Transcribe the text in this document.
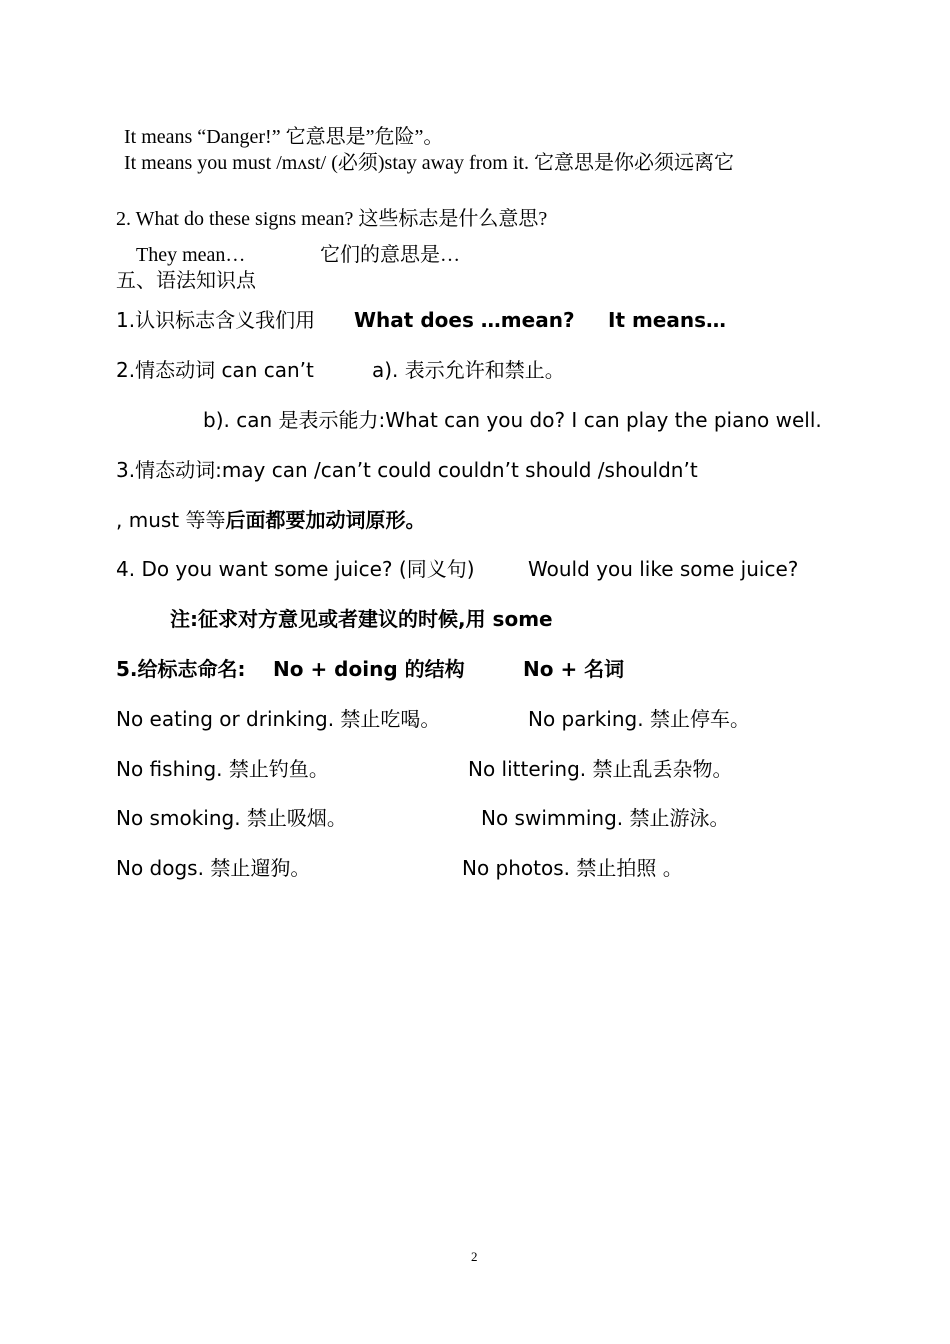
It means “Danger!” 它意思是”危险”。
It means you must /mʌst/ (必须)stay away from it. 它意思是你必须远离它
2. What do these signs mean? 这些标志是什么意思?
They mean…	它们的意思是…
五、语法知识点
1.认识标志含义我们用 What does …mean? It means…
2.情态动词 can can’t	a). 表示允许和禁止。
b). can 是表示能力:What can you do? I can play the piano well.
3.情态动词:may can /can’t could couldn’t should /shouldn’t
, must 等等后面都要加动词原形。
4. Do you want some juice? (同义句)	Would you like some juice?
注:征求对方意见或者建议的时候,用 some
5.给标志命名: No + doing 的结构	No + 名词
No eating or drinking. 禁止吃喝。	No parking. 禁止停车。
No fishing. 禁止钓鱼。	No littering. 禁止乱丢杂物。
No smoking. 禁止吸烟。	No swimming. 禁止游泳。
No dogs. 禁止遛狗。	No photos. 禁止拍照 。
2
